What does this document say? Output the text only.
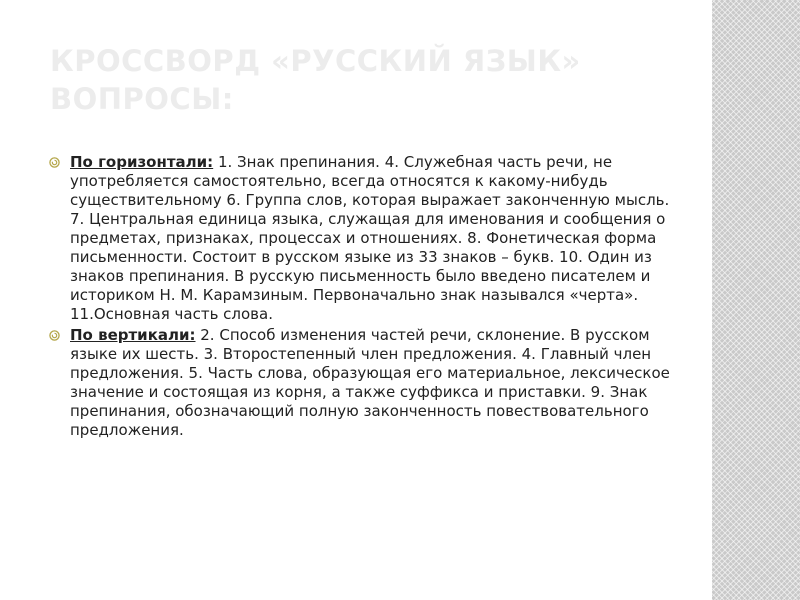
КРОССВОРД «РУССКИЙ ЯЗЫК»
ВОПРОСЫ:
По горизонтали: 1. Знак препинания. 4. Служебная часть речи, не употребляется самостоятельно, всегда относятся к какому-нибудь существительному 6. Группа слов, которая выражает законченную мысль. 7. Центральная единица языка, служащая для именования и сообщения о предметах, признаках, процессах и отношениях. 8. Фонетическая форма письменности. Состоит в русском языке из 33 знаков – букв. 10. Один из знаков препинания. В русскую письменность было введено писателем и историком Н. М. Карамзиным. Первоначально знак назывался «черта». 11.Основная часть слова.
По вертикали: 2. Способ изменения частей речи, склонение. В русском языке их шесть. 3. Второстепенный член предложения. 4. Главный член предложения. 5. Часть слова, образующая его материальное, лексическое значение и состоящая из корня, а также суффикса и приставки. 9. Знак препинания, обозначающий полную законченность повествовательного предложения.
